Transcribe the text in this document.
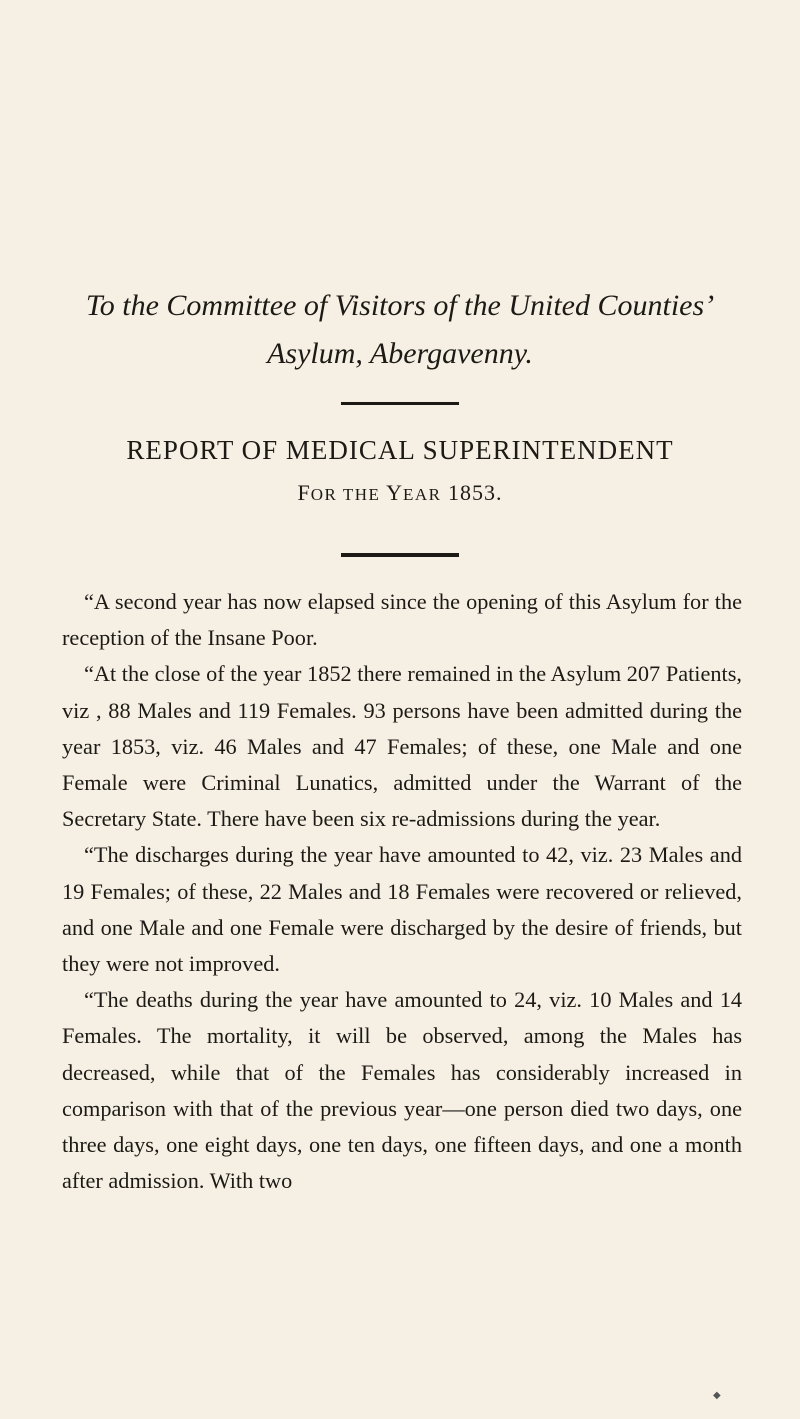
To the Committee of Visitors of the United Counties’

Asylum, Abergavenny.

REPORT OF MEDICAL SUPERINTENDENT

FOR THE YEAR 1853.

“A second year has now elapsed since the opening of this Asylum for the reception of the Insane Poor.

“At the close of the year 1852 there remained in the Asylum 207 Patients, viz , 88 Males and 119 Females. 93 persons have been admitted during the year 1853, viz. 46 Males and 47 Females; of these, one Male and one Female were Criminal Lunatics, admitted under the Warrant of the Secretary State. There have been six re-admissions during the year.

“The discharges during the year have amounted to 42, viz. 23 Males and 19 Females; of these, 22 Males and 18 Females were recovered or relieved, and one Male and one Female were discharged by the desire of friends, but they were not improved.

“The deaths during the year have amounted to 24, viz. 10 Males and 14 Females. The mortality, it will be observed, among the Males has decreased, while that of the Females has considerably increased in comparison with that of the previous year—one person died two days, one three days, one eight days, one ten days, one fifteen days, and one a month after admission. With two

◆
